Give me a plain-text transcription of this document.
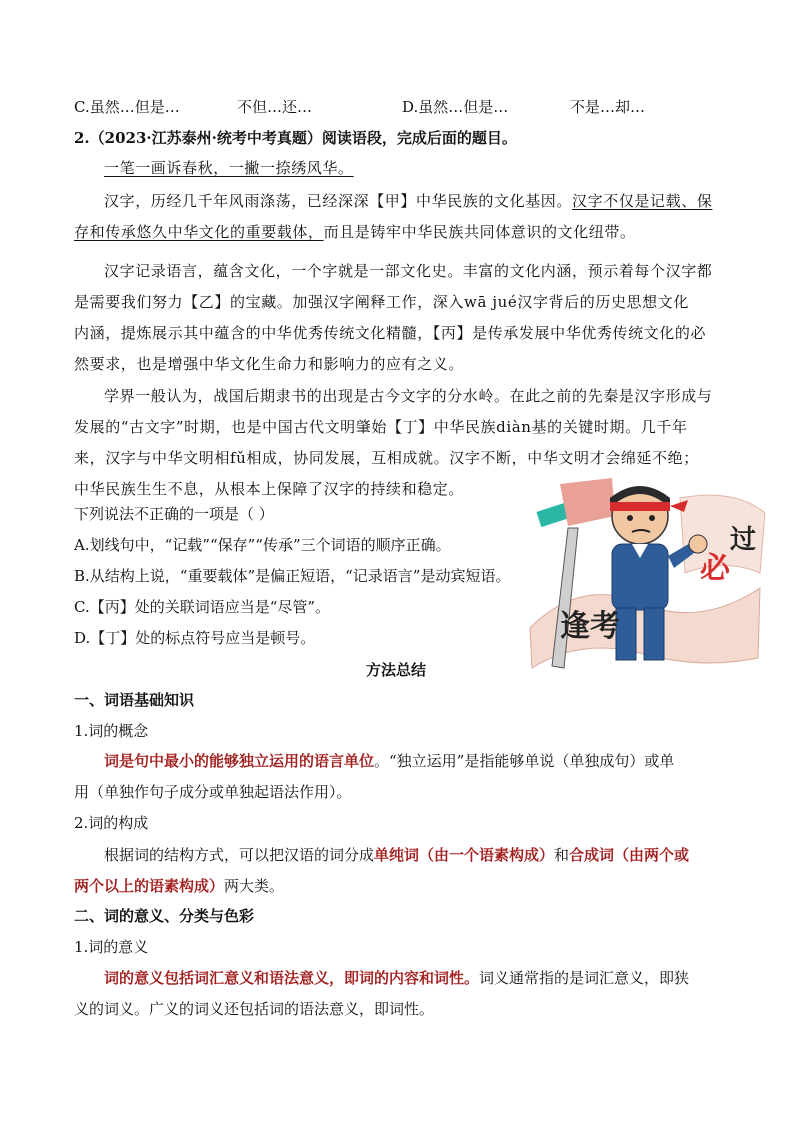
C.虽然…但是…	不但…还…	D.虽然…但是…	不是…却…
2.（2023·江苏泰州·统考中考真题）阅读语段，完成后面的题目。
一笔一画诉春秋，一撇一捺绣风华。
汉字，历经几千年风雨涤荡，已经深深【甲】中华民族的文化基因。汉字不仅是记载、保
存和传承悠久中华文化的重要载体，而且是铸牢中华民族共同体意识的文化纽带。
汉字记录语言，蕴含文化，一个字就是一部文化史。丰富的文化内涵，预示着每个汉字都
是需要我们努力【乙】的宝藏。加强汉字阐释工作，深入wā jué汉字背后的历史思想文化
内涵，提炼展示其中蕴含的中华优秀传统文化精髓，【丙】是传承发展中华优秀传统文化的必
然要求，也是增强中华文化生命力和影响力的应有之义。
学界一般认为，战国后期隶书的出现是古今文字的分水岭。在此之前的先秦是汉字形成与
发展的“古文字”时期，也是中国古代文明肇始【丁】中华民族diàn基的关键时期。几千年
来，汉字与中华文明相fǔ相成，协同发展，互相成就。汉字不断，中华文明才会绵延不绝；
中华民族生生不息，从根本上保障了汉字的持续和稳定。
下列说法不正确的一项是（ ）
A.划线句中，“记载”“保存”“传承”三个词语的顺序正确。
B.从结构上说，“重要载体”是偏正短语，“记录语言”是动宾短语。
C.【丙】处的关联词语应当是“尽管”。
D.【丁】处的标点符号应当是顿号。	逢考
必
过
方法总结
一、词语基础知识
1.词的概念
词是句中最小的能够独立运用的语言单位。“独立运用”是指能够单说（单独成句）或单
用（单独作句子成分或单独起语法作用）。
2.词的构成
根据词的结构方式，可以把汉语的词分成单纯词（由一个语素构成）和合成词（由两个或
两个以上的语素构成）两大类。
二、词的意义、分类与色彩
1.词的意义
词的意义包括词汇意义和语法意义，即词的内容和词性。词义通常指的是词汇意义，即狭
义的词义。广义的词义还包括词的语法意义，即词性。
